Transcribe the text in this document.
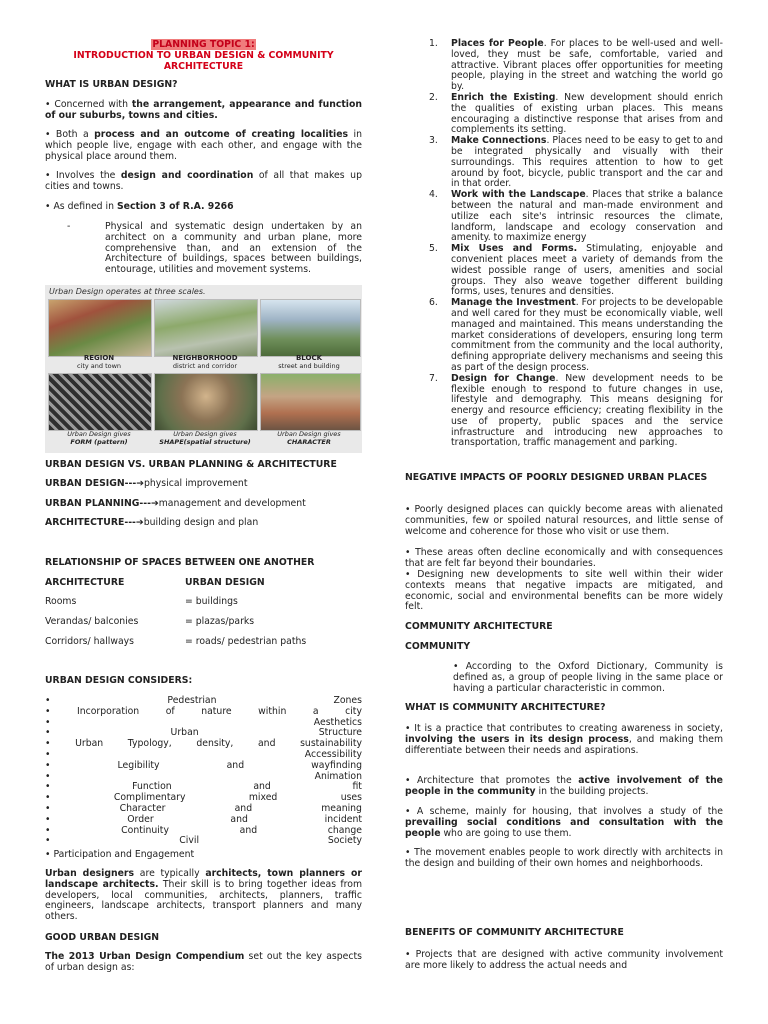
PLANNING TOPIC 1:
INTRODUCTION TO URBAN DESIGN & COMMUNITY
ARCHITECTURE

WHAT IS URBAN DESIGN?

• Concerned with the arrangement, appearance and function of our suburbs, towns and cities.

• Both a process and an outcome of creating localities in which people live, engage with each other, and engage with the physical place around them.

• Involves the design and coordination of all that makes up cities and towns.

• As defined in Section 3 of R.A. 9266

-	Physical and systematic design undertaken by an architect on a community and urban plane, more comprehensive than, and an extension of the Architecture of buildings, spaces between buildings, entourage, utilities and movement systems.

Urban Design operates at three scales.
REGION
city and town
NEIGHBORHOOD
district and corridor
BLOCK
street and building
Urban Design gives
FORM (pattern)
Urban Design gives
SHAPE(spatial structure)
Urban Design gives
CHARACTER

URBAN DESIGN VS. URBAN PLANNING & ARCHITECTURE

URBAN DESIGN---➔physical improvement

URBAN PLANNING---➔management and development

ARCHITECTURE---➔building design and plan

RELATIONSHIP OF SPACES BETWEEN ONE ANOTHER

ARCHITECTURE	URBAN DESIGN
Rooms	= buildings
Verandas/ balconies	= plazas/parks
Corridors/ hallways	= roads/ pedestrian paths

URBAN DESIGN CONSIDERS:

•	Pedestrian	Zones
•	Incorporation	of	nature	within	a	city
•	Aesthetics
•	Urban	Structure
•	Urban	Typology,	density,	and	sustainability
•	Accessibility
•	Legibility	and	wayfinding
•	Animation
•	Function	and	fit
•	Complimentary	mixed	uses
•	Character	and	meaning
•	Order	and	incident
•	Continuity	and	change
•	Civil	Society

• Participation and Engagement

Urban designers are typically architects, town planners or landscape architects. Their skill is to bring together ideas from developers, local communities, architects, planners, traffic engineers, landscape architects, transport planners and many others.

GOOD URBAN DESIGN

The 2013 Urban Design Compendium set out the key aspects of urban design as:

1. Places for People. For places to be well-used and well-loved, they must be safe, comfortable, varied and attractive. Vibrant places offer opportunities for meeting people, playing in the street and watching the world go by.
2. Enrich the Existing. New development should enrich the qualities of existing urban places. This means encouraging a distinctive response that arises from and complements its setting.
3. Make Connections. Places need to be easy to get to and be integrated physically and visually with their surroundings. This requires attention to how to get around by foot, bicycle, public transport and the car and in that order.
4. Work with the Landscape. Places that strike a balance between the natural and man-made environment and utilize each site's intrinsic resources the climate, landform, landscape and ecology conservation and amenity. to maximize energy
5. Mix Uses and Forms. Stimulating, enjoyable and convenient places meet a variety of demands from the widest possible range of users, amenities and social groups. They also weave together different building forms, uses, tenures and densities.
6. Manage the Investment. For projects to be developable and well cared for they must be economically viable, well managed and maintained. This means understanding the market considerations of developers, ensuring long term commitment from the community and the local authority, defining appropriate delivery mechanisms and seeing this as part of the design process.
7. Design for Change. New development needs to be flexible enough to respond to future changes in use, lifestyle and demography. This means designing for energy and resource efficiency; creating flexibility in the use of property, public spaces and the service infrastructure and introducing new approaches to transportation, traffic management and parking.

NEGATIVE IMPACTS OF POORLY DESIGNED URBAN PLACES

• Poorly designed places can quickly become areas with alienated communities, few or spoiled natural resources, and little sense of welcome and coherence for those who visit or use them.

• These areas often decline economically and with consequences that are felt far beyond their boundaries.

• Designing new developments to site well within their wider contexts means that negative impacts are mitigated, and economic, social and environmental benefits can be more widely felt.

COMMUNITY ARCHITECTURE

COMMUNITY

• According to the Oxford Dictionary, Community is defined as, a group of people living in the same place or having a particular characteristic in common.

WHAT IS COMMUNITY ARCHITECTURE?

• It is a practice that contributes to creating awareness in society, involving the users in its design process, and making them differentiate between their needs and aspirations.

• Architecture that promotes the active involvement of the people in the community in the building projects.

• A scheme, mainly for housing, that involves a study of the prevailing social conditions and consultation with the people who are going to use them.

• The movement enables people to work directly with architects in the design and building of their own homes and neighborhoods.

BENEFITS OF COMMUNITY ARCHITECTURE

• Projects that are designed with active community involvement are more likely to address the actual needs and
